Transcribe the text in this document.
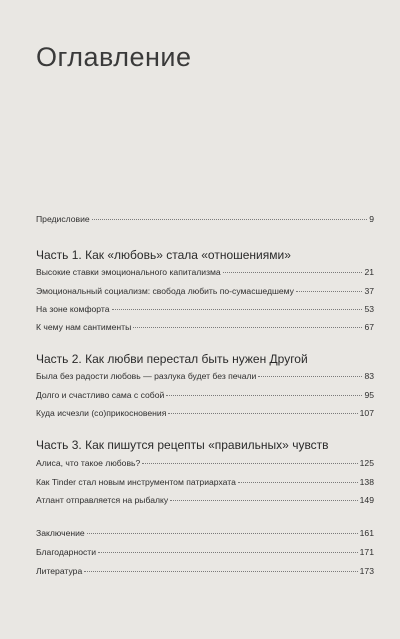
Оглавление
Предисловие	9
Часть 1. Как «любовь» стала «отношениями»
Высокие ставки эмоционального капитализма	21
Эмоциональный социализм: свобода любить по-сумасшедшему	37
На зоне комфорта	53
К чему нам сантименты	67
Часть 2. Как любви перестал быть нужен Другой
Была без радости любовь — разлука будет без печали	83
Долго и счастливо сама с собой	95
Куда исчезли (со)прикосновения	107
Часть 3. Как пишутся рецепты «правильных» чувств
Алиса, что такое любовь?	125
Как Tinder стал новым инструментом патриархата	138
Атлант отправляется на рыбалку	149
Заключение	161
Благодарности	171
Литература	173
